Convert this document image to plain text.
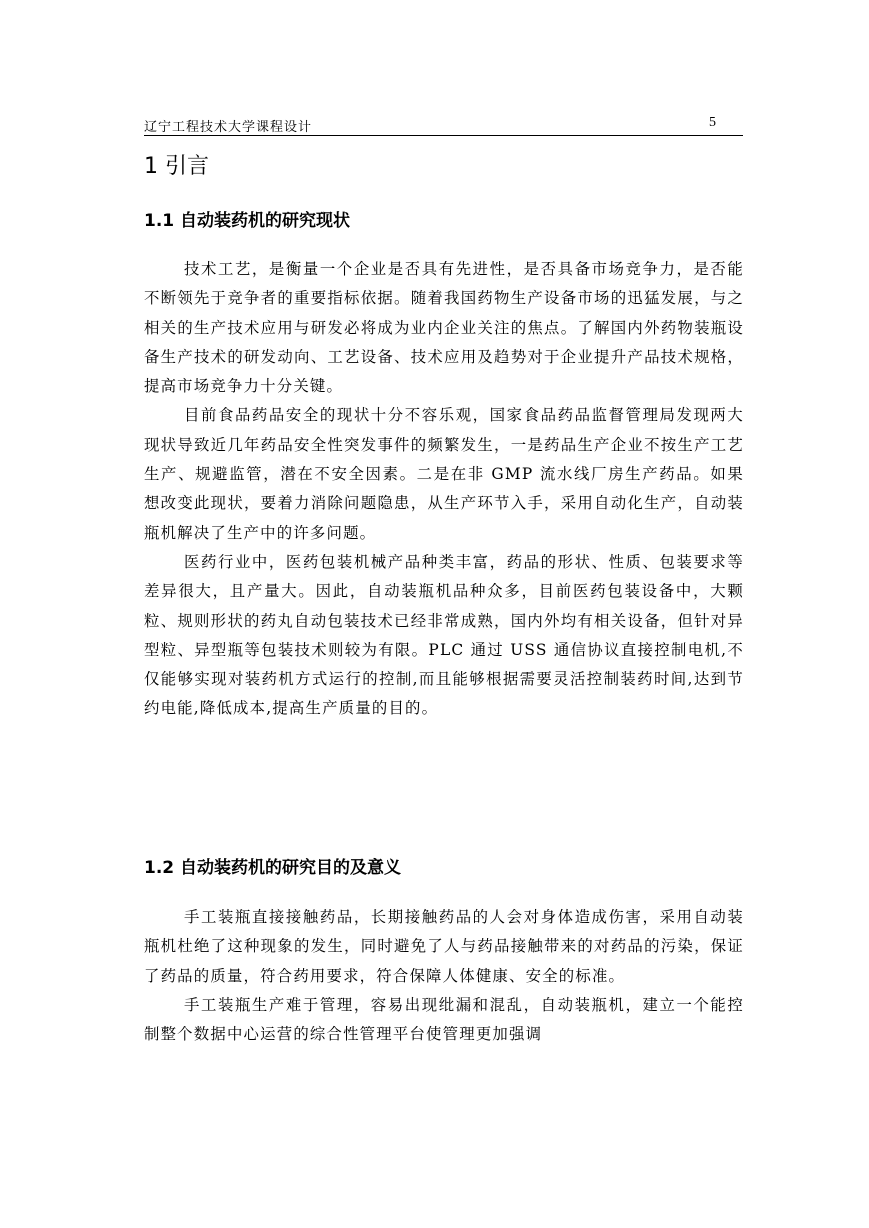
辽宁工程技术大学课程设计	5
1 引言
1.1 自动装药机的研究现状

技术工艺，是衡量一个企业是否具有先进性，是否具备市场竞争力，是否能不断领先于竞争者的重要指标依据。随着我国药物生产设备市场的迅猛发展，与之相关的生产技术应用与研发必将成为业内企业关注的焦点。了解国内外药物装瓶设备生产技术的研发动向、工艺设备、技术应用及趋势对于企业提升产品技术规格，提高市场竞争力十分关键。

目前食品药品安全的现状十分不容乐观，国家食品药品监督管理局发现两大现状导致近几年药品安全性突发事件的频繁发生，一是药品生产企业不按生产工艺生产、规避监管，潜在不安全因素。二是在非 GMP 流水线厂房生产药品。如果想改变此现状，要着力消除问题隐患，从生产环节入手，采用自动化生产，自动装瓶机解决了生产中的许多问题。

医药行业中，医药包装机械产品种类丰富，药品的形状、性质、包装要求等差异很大，且产量大。因此，自动装瓶机品种众多，目前医药包装设备中，大颗粒、规则形状的药丸自动包装技术已经非常成熟，国内外均有相关设备，但针对异型粒、异型瓶等包装技术则较为有限。PLC 通过 USS 通信协议直接控制电机,不仅能够实现对装药机方式运行的控制,而且能够根据需要灵活控制装药时间,达到节约电能,降低成本,提高生产质量的目的。

1.2 自动装药机的研究目的及意义

手工装瓶直接接触药品，长期接触药品的人会对身体造成伤害，采用自动装瓶机杜绝了这种现象的发生，同时避免了人与药品接触带来的对药品的污染，保证了药品的质量，符合药用要求，符合保障人体健康、安全的标准。

手工装瓶生产难于管理，容易出现纰漏和混乱，自动装瓶机，建立一个能控制整个数据中心运营的综合性管理平台使管理更加强调
